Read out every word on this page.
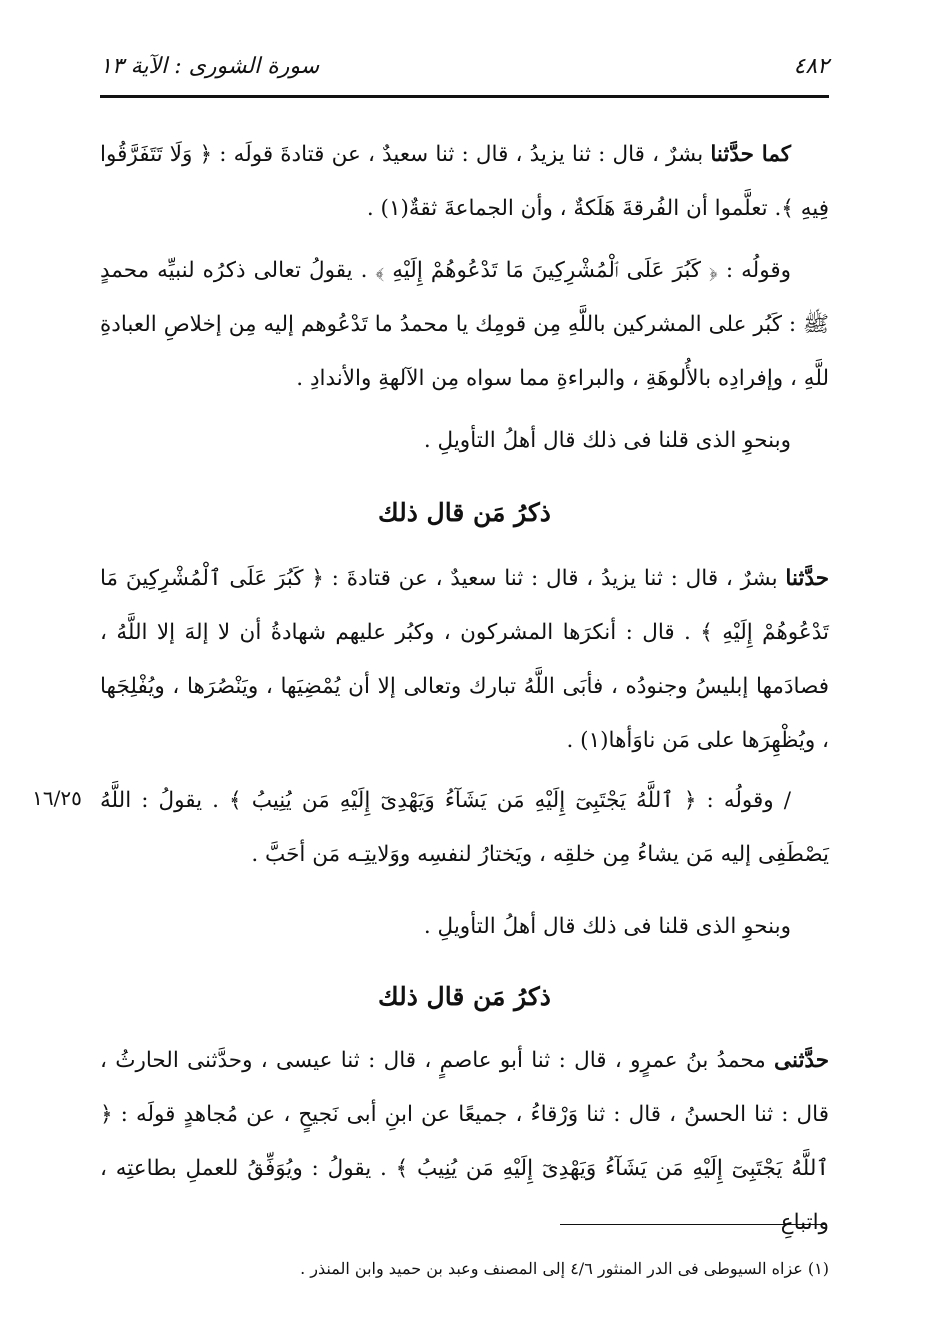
٤٨٢
سورة الشورى : الآية ١٣

كما حدَّثنا بشرٌ ، قال : ثنا يزيدُ ، قال : ثنا سعيدٌ ، عن قتادةَ قولَه : ﴿ وَلَا تَتَفَرَّقُوا فِيهِ ﴾. تعلَّموا أن الفُرقةَ هَلَكةٌ ، وأن الجماعةَ ثقةٌ(١) .

وقولُه : ﴿ كَبُرَ عَلَى ٱلْمُشْرِكِينَ مَا تَدْعُوهُمْ إِلَيْهِ ﴾ . يقولُ تعالى ذكرُه لنبيِّه محمدٍ ﷺ : كَبُر على المشركين باللَّهِ مِن قومِك يا محمدُ ما تَدْعُوهم إليه مِن إخلاصِ العبادةِ للَّهِ ، وإفرادِه بالأُلوهَةِ ، والبراءةِ مما سواه مِن الآلهةِ والأندادِ .

وبنحوِ الذى قلنا فى ذلك قال أهلُ التأويلِ .

ذكرُ مَن قال ذلك

حدَّثنا بشرٌ ، قال : ثنا يزيدُ ، قال : ثنا سعيدٌ ، عن قتادةَ : ﴿ كَبُرَ عَلَى ٱلْمُشْرِكِينَ مَا تَدْعُوهُمْ إِلَيْهِ ﴾ . قال : أنكرَها المشركون ، وكبُر عليهم شهادةُ أن لا إلهَ إلا اللَّهُ ، فصادَمها إبليسُ وجنودُه ، فأبَى اللَّهُ تبارك وتعالى إلا أن يُمْضِيَها ، ويَنْصُرَها ، ويُفْلِجَها ، ويُظْهِرَها على مَن ناوَأها(١) .

١٦/٢٥ / وقولُه : ﴿ ٱللَّهُ يَجْتَبِىٓ إِلَيْهِ مَن يَشَآءُ وَيَهْدِىٓ إِلَيْهِ مَن يُنِيبُ ﴾ . يقولُ : اللَّهُ يَصْطَفِى إليه مَن يشاءُ مِن خلقِه ، ويَختارُ لنفسِه ووَلايتِـه مَن أحَبَّ .

وبنحوِ الذى قلنا فى ذلك قال أهلُ التأويلِ .

ذكرُ مَن قال ذلك

حدَّثنى محمدُ بنُ عمرٍو ، قال : ثنا أبو عاصمٍ ، قال : ثنا عيسى ، وحدَّثنى الحارثُ ، قال : ثنا الحسنُ ، قال : ثنا وَرْقاءُ ، جميعًا عن ابنِ أبى نَجيحٍ ، عن مُجاهدٍ قولَه : ﴿ ٱللَّهُ يَجْتَبِىٓ إِلَيْهِ مَن يَشَآءُ وَيَهْدِىٓ إِلَيْهِ مَن يُنِيبُ ﴾ . يقولُ : ويُوَفِّقُ للعملِ بطاعتِه ، واتباعِ

(١) عزاه السيوطى فى الدر المنثور ٤/٦ إلى المصنف وعبد بن حميد وابن المنذر .
